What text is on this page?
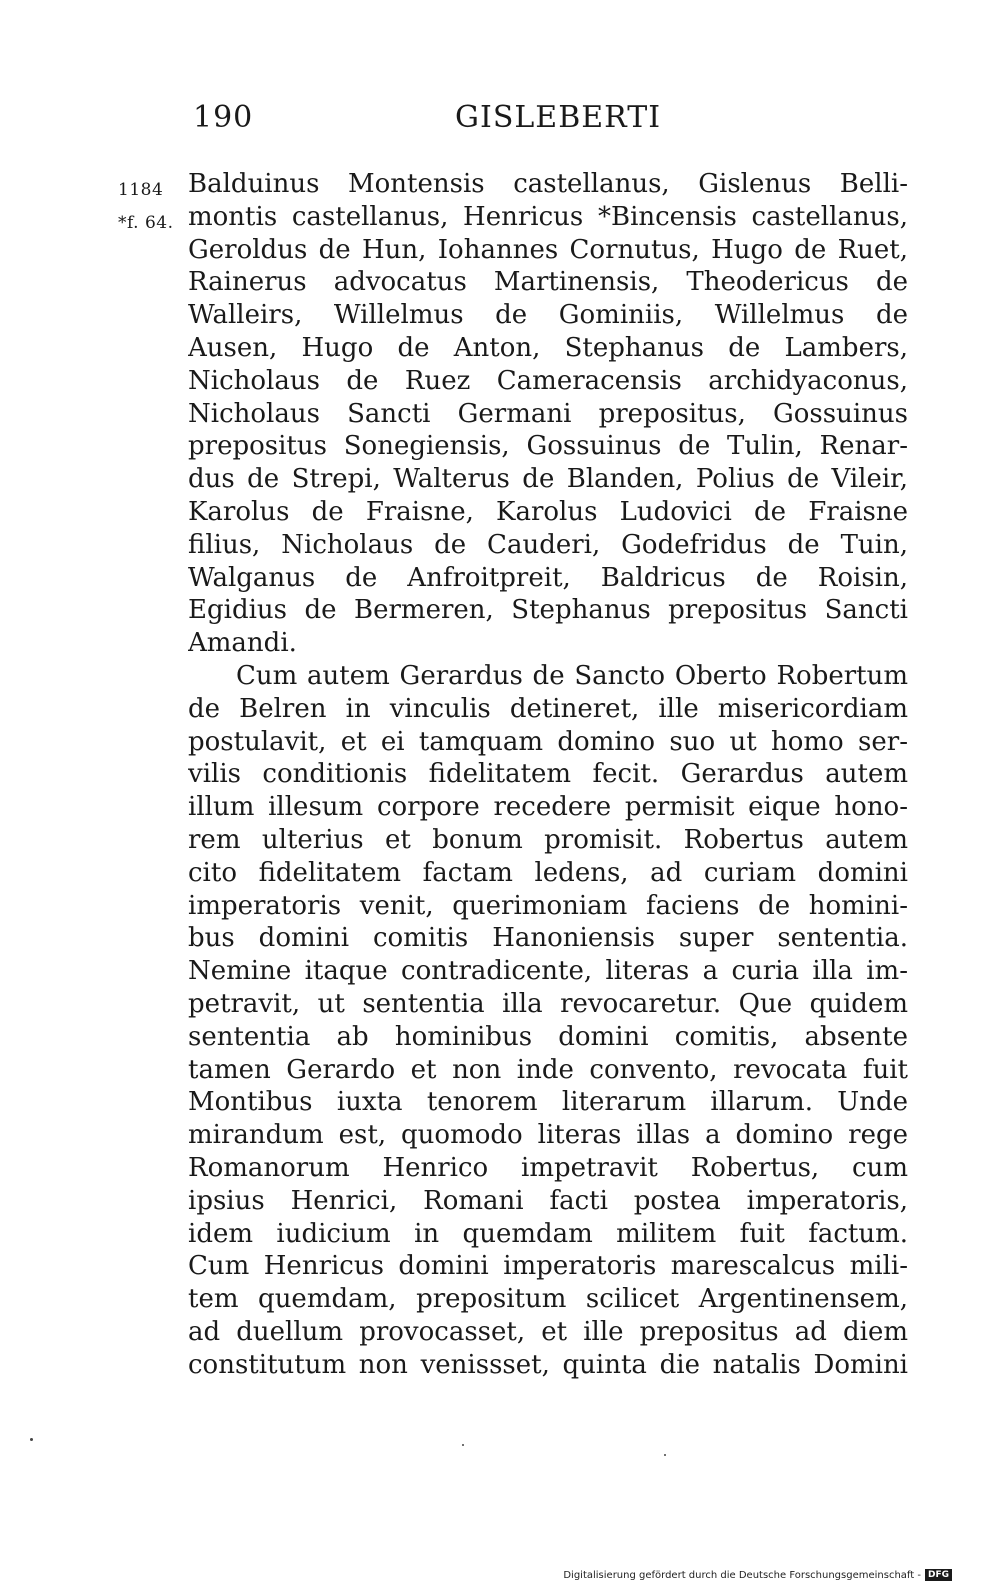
190	GISLEBERTI
1184
*f. 64.
Balduinus Montensis castellanus, Gislenus Belli-
montis castellanus, Henricus *Bincensis castellanus,
Geroldus de Hun, Iohannes Cornutus, Hugo de Ruet,
Rainerus advocatus Martinensis, Theodericus de
Walleirs, Willelmus de Gominiis, Willelmus de
Ausen, Hugo de Anton, Stephanus de Lambers,
Nicholaus de Ruez Cameracensis archidyaconus,
Nicholaus Sancti Germani prepositus, Gossuinus
prepositus Sonegiensis, Gossuinus de Tulin, Renar-
dus de Strepi, Walterus de Blanden, Polius de Vileir,
Karolus de Fraisne, Karolus Ludovici de Fraisne
filius, Nicholaus de Cauderi, Godefridus de Tuin,
Walganus de Anfroitpreit, Baldricus de Roisin,
Egidius de Bermeren, Stephanus prepositus Sancti
Amandi.
Cum autem Gerardus de Sancto Oberto Robertum
de Belren in vinculis detineret, ille misericordiam
postulavit, et ei tamquam domino suo ut homo ser-
vilis conditionis fidelitatem fecit. Gerardus autem
illum illesum corpore recedere permisit eique hono-
rem ulterius et bonum promisit. Robertus autem
cito fidelitatem factam ledens, ad curiam domini
imperatoris venit, querimoniam faciens de homini-
bus domini comitis Hanoniensis super sententia.
Nemine itaque contradicente, literas a curia illa im-
petravit, ut sententia illa revocaretur. Que quidem
sententia ab hominibus domini comitis, absente
tamen Gerardo et non inde convento, revocata fuit
Montibus iuxta tenorem literarum illarum. Unde
mirandum est, quomodo literas illas a domino rege
Romanorum Henrico impetravit Robertus, cum
ipsius Henrici, Romani facti postea imperatoris,
idem iudicium in quemdam militem fuit factum.
Cum Henricus domini imperatoris marescalcus mili-
tem quemdam, prepositum scilicet Argentinensem,
ad duellum provocasset, et ille prepositus ad diem
constitutum non venissset, quinta die natalis Domini
Digitalisierung gefördert durch die Deutsche Forschungsgemeinschaft - DFG
